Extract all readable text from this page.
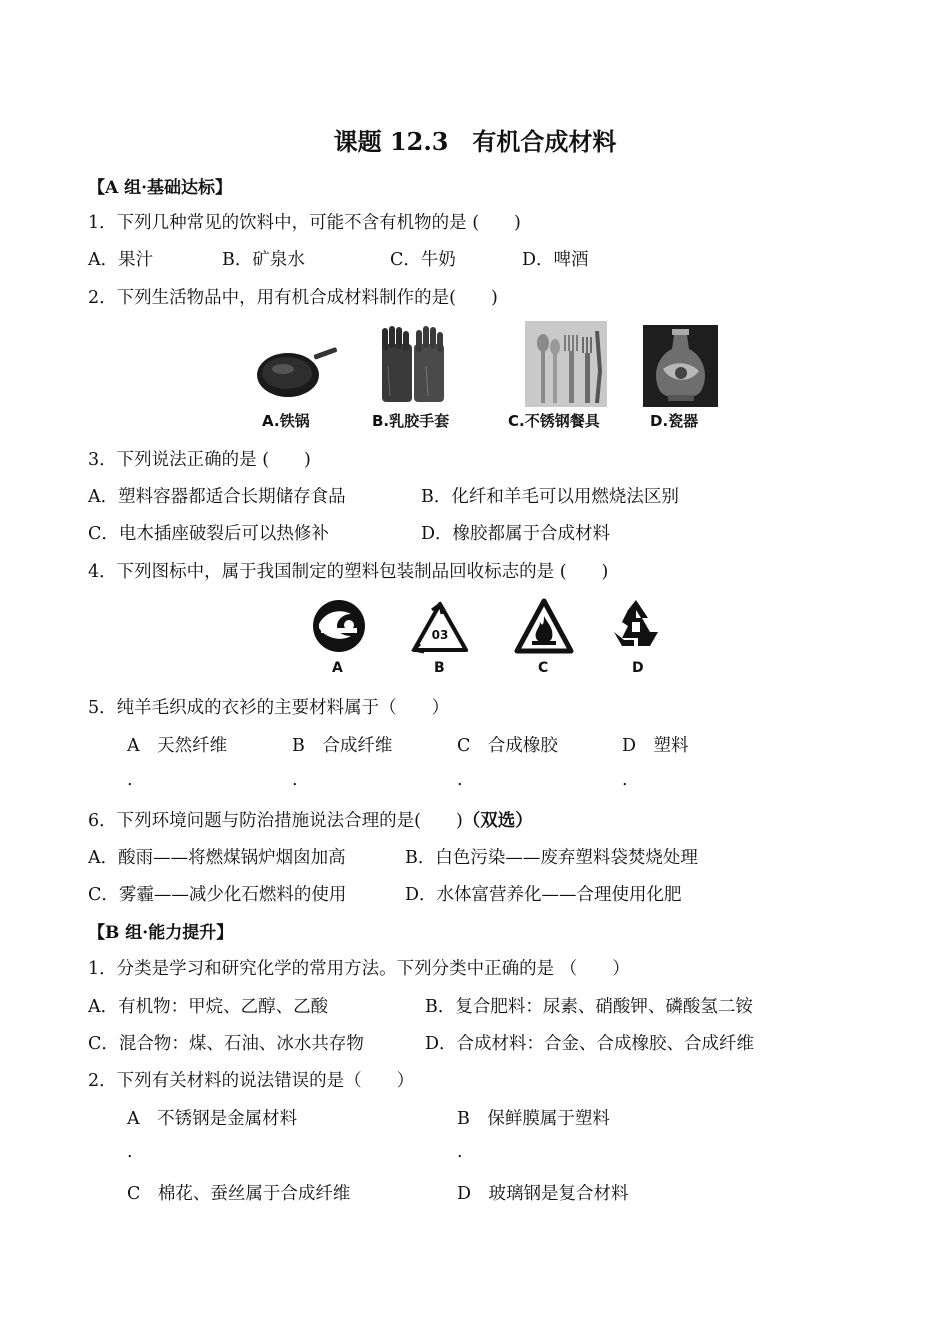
课题 12.3　有机合成材料
【A 组·基础达标】
1．下列几种常见的饮料中，可能不含有机物的是 (　　)
A．果汁	B．矿泉水	C．牛奶	D．啤酒
2．下列生活物品中，用有机合成材料制作的是(　　)
A.铁锅	B.乳胶手套	C.不锈钢餐具	D.瓷器
3．下列说法正确的是 (　　)
A．塑料容器都适合长期储存食品	B．化纤和羊毛可以用燃烧法区别
C．电木插座破裂后可以热修补	D．橡胶都属于合成材料
4．下列图标中，属于我国制定的塑料包装制品回收标志的是 (　　)
03
A	B	C	D
5．纯羊毛织成的衣衫的主要材料属于（　　）
A　天然纤维	B　合成纤维	C　合成橡胶	D　塑料
.	.	.	.
6．下列环境问题与防治措施说法合理的是(　　)（双选）
A．酸雨——将燃煤锅炉烟囱加高	B．白色污染——废弃塑料袋焚烧处理
C．雾霾——减少化石燃料的使用	D．水体富营养化——合理使用化肥
【B 组·能力提升】
1．分类是学习和研究化学的常用方法。下列分类中正确的是 （　　）
A．有机物：甲烷、乙醇、乙酸	B．复合肥料：尿素、硝酸钾、磷酸氢二铵
C．混合物：煤、石油、冰水共存物	D．合成材料：合金、合成橡胶、合成纤维
2．下列有关材料的说法错误的是（　　）
A　不锈钢是金属材料	B　保鲜膜属于塑料
.	.
C　棉花、蚕丝属于合成纤维	D　玻璃钢是复合材料
